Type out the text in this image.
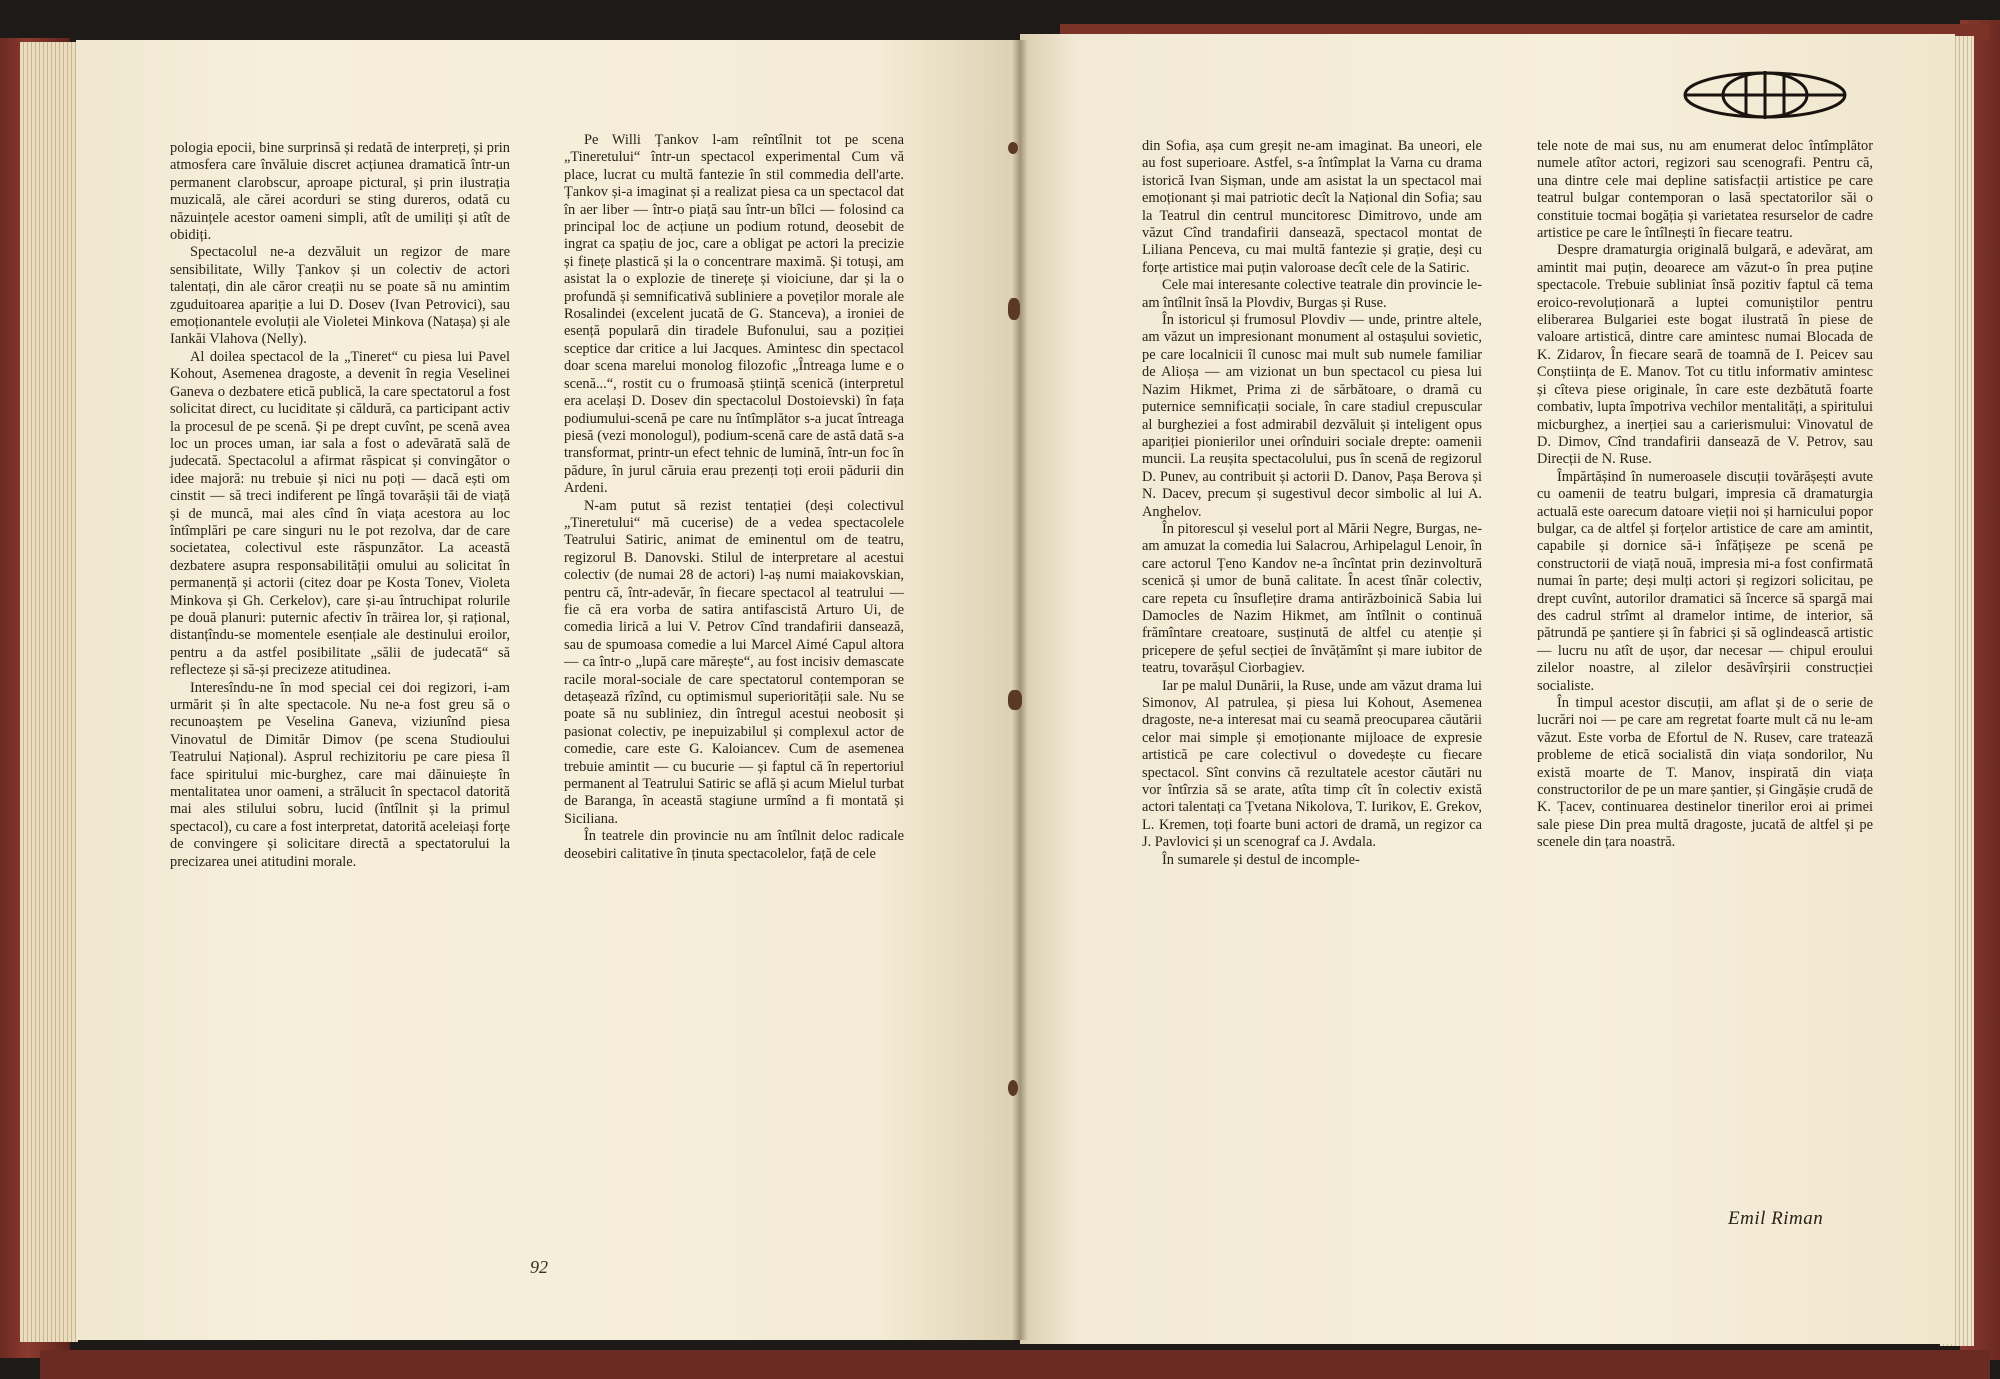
pologia epocii, bine surprinsă și redată de interpreți, și prin atmosfera care învăluie discret acțiunea dramatică într-un permanent clarobscur, aproape pictural, și prin ilustrația muzicală, ale cărei acorduri se sting dureros, odată cu năzuințele acestor oameni simpli, atît de umiliți și atît de obidiți.

Spectacolul ne-a dezvăluit un regizor de mare sensibilitate, Willy Țankov și un colectiv de actori talentați, din ale căror creații nu se poate să nu amintim zguduitoarea apariție a lui D. Dosev (Ivan Petrovici), sau emoționantele evoluții ale Violetei Minkova (Natașa) și ale Iankăi Vlahova (Nelly).

Al doilea spectacol de la „Tineret“ cu piesa lui Pavel Kohout, Asemenea dragoste, a devenit în regia Veselinei Ganeva o dezbatere etică publică, la care spectatorul a fost solicitat direct, cu luciditate și căldură, ca participant activ la procesul de pe scenă. Și pe drept cuvînt, pe scenă avea loc un proces uman, iar sala a fost o adevărată sală de judecată. Spectacolul a afirmat răspicat și convingător o idee majoră: nu trebuie și nici nu poți — dacă ești om cinstit — să treci indiferent pe lîngă tovarășii tăi de viață și de muncă, mai ales cînd în viața acestora au loc întîmplări pe care singuri nu le pot rezolva, dar de care societatea, colectivul este răspunzător. La această dezbatere asupra responsabilității omului au solicitat în permanență și actorii (citez doar pe Kosta Tonev, Violeta Minkova și Gh. Cerkelov), care și-au întruchipat rolurile pe două planuri: puternic afectiv în trăirea lor, și rațional, distanțîndu-se momentele esențiale ale destinului eroilor, pentru a da astfel posibilitate „sălii de judecată“ să reflecteze și să-și precizeze atitudinea.

Interesîndu-ne în mod special cei doi regizori, i-am urmărit și în alte spectacole. Nu ne-a fost greu să o recunoaștem pe Veselina Ganeva, viziunînd piesa Vinovatul de Dimităr Dimov (pe scena Studioului Teatrului Național). Asprul rechizitoriu pe care piesa îl face spiritului mic-burghez, care mai dăinuiește în mentalitatea unor oameni, a strălucit în spectacol datorită mai ales stilului sobru, lucid (întîlnit și la primul spectacol), cu care a fost interpretat, datorită aceleiași forțe de convingere și solicitare directă a spectatorului la precizarea unei atitudini morale.

Pe Willi Țankov l-am reîntîlnit tot pe scena „Tineretului“ într-un spectacol experimental Cum vă place, lucrat cu multă fantezie în stil commedia dell'arte. Țankov și-a imaginat și a realizat piesa ca un spectacol dat în aer liber — într-o piață sau într-un bîlci — folosind ca principal loc de acțiune un podium rotund, deosebit de ingrat ca spațiu de joc, care a obligat pe actori la precizie și finețe plastică și la o concentrare maximă. Și totuși, am asistat la o explozie de tinerețe și vioiciune, dar și la o profundă și semnificativă subliniere a poveților morale ale Rosalindei (excelent jucată de G. Stanceva), a ironiei de esență populară din tiradele Bufonului, sau a poziției sceptice dar critice a lui Jacques. Amintesc din spectacol doar scena marelui monolog filozofic „Întreaga lume e o scenă...“, rostit cu o frumoasă știință scenică (interpretul era același D. Dosev din spectacolul Dostoievski) în fața podiumului-scenă pe care nu întîmplător s-a jucat întreaga piesă (vezi monologul), podium-scenă care de astă dată s-a transformat, printr-un efect tehnic de lumină, într-un foc în pădure, în jurul căruia erau prezenți toți eroii pădurii din Ardeni.

N-am putut să rezist tentației (deși colectivul „Tineretului“ mă cucerise) de a vedea spectacolele Teatrului Satiric, animat de eminentul om de teatru, regizorul B. Danovski. Stilul de interpretare al acestui colectiv (de numai 28 de actori) l-aș numi maiakovskian, pentru că, într-adevăr, în fiecare spectacol al teatrului — fie că era vorba de satira antifascistă Arturo Ui, de comedia lirică a lui V. Petrov Cînd trandafirii dansează, sau de spumoasa comedie a lui Marcel Aimé Capul altora — ca într-o „lupă care mărește“, au fost incisiv demascate racile moral-sociale de care spectatorul contemporan se detașează rîzînd, cu optimismul superiorității sale. Nu se poate să nu subliniez, din întregul acestui neobosit și pasionat colectiv, pe inepuizabilul și complexul actor de comedie, care este G. Kaloiancev. Cum de asemenea trebuie amintit — cu bucurie — și faptul că în repertoriul permanent al Teatrului Satiric se află și acum Mielul turbat de Baranga, în această stagiune urmînd a fi montată și Siciliana.

În teatrele din provincie nu am întîlnit deloc radicale deosebiri calitative în ținuta spectacolelor, față de cele

din Sofia, așa cum greșit ne-am imaginat. Ba uneori, ele au fost superioare. Astfel, s-a întîmplat la Varna cu drama istorică Ivan Sișman, unde am asistat la un spectacol mai emoționant și mai patriotic decît la Național din Sofia; sau la Teatrul din centrul muncitoresc Dimitrovo, unde am văzut Cînd trandafirii dansează, spectacol montat de Liliana Penceva, cu mai multă fantezie și grație, deși cu forțe artistice mai puțin valoroase decît cele de la Satiric.

Cele mai interesante colective teatrale din provincie le-am întîlnit însă la Plovdiv, Burgas și Ruse.

În istoricul și frumosul Plovdiv — unde, printre altele, am văzut un impresionant monument al ostașului sovietic, pe care localnicii îl cunosc mai mult sub numele familiar de Alioșa — am vizionat un bun spectacol cu piesa lui Nazim Hikmet, Prima zi de sărbătoare, o dramă cu puternice semnificații sociale, în care stadiul crepuscular al burgheziei a fost admirabil dezvăluit și inteligent opus apariției pionierilor unei orînduiri sociale drepte: oamenii muncii. La reușita spectacolului, pus în scenă de regizorul D. Punev, au contribuit și actorii D. Danov, Pașa Berova și N. Dacev, precum și sugestivul decor simbolic al lui A. Anghelov.

În pitorescul și veselul port al Mării Negre, Burgas, ne-am amuzat la comedia lui Salacrou, Arhipelagul Lenoir, în care actorul Țeno Kandov ne-a încîntat prin dezinvoltură scenică și umor de bună calitate. În acest tînăr colectiv, care repeta cu însuflețire drama antirăzboinică Sabia lui Damocles de Nazim Hikmet, am întîlnit o continuă frămîntare creatoare, susținută de altfel cu atenție și pricepere de șeful secției de învățămînt și mare iubitor de teatru, tovarășul Ciorbagiev.

Iar pe malul Dunării, la Ruse, unde am văzut drama lui Simonov, Al patrulea, și piesa lui Kohout, Asemenea dragoste, ne-a interesat mai cu seamă preocuparea căutării celor mai simple și emoționante mijloace de expresie artistică pe care colectivul o dovedește cu fiecare spectacol. Sînt convins că rezultatele acestor căutări nu vor întîrzia să se arate, atîta timp cît în colectiv există actori talentați ca Țvetana Nikolova, T. Iurikov, E. Grekov, L. Kremen, toți foarte buni actori de dramă, un regizor ca J. Pavlovici și un scenograf ca J. Avdala.

În sumarele și destul de incomple-

tele note de mai sus, nu am enumerat deloc întîmplător numele atîtor actori, regizori sau scenografi. Pentru că, una dintre cele mai depline satisfacții artistice pe care teatrul bulgar contemporan o lasă spectatorilor săi o constituie tocmai bogăția și varietatea resurselor de cadre artistice pe care le întîlnești în fiecare teatru.

Despre dramaturgia originală bulgară, e adevărat, am amintit mai puțin, deoarece am văzut-o în prea puține spectacole. Trebuie subliniat însă pozitiv faptul că tema eroico-revoluționară a luptei comuniștilor pentru eliberarea Bulgariei este bogat ilustrată în piese de valoare artistică, dintre care amintesc numai Blocada de K. Zidarov, În fiecare seară de toamnă de I. Peicev sau Conștiința de E. Manov. Tot cu titlu informativ amintesc și cîteva piese originale, în care este dezbătută foarte combativ, lupta împotriva vechilor mentalități, a spiritului micburghez, a inerției sau a carierismului: Vinovatul de D. Dimov, Cînd trandafirii dansează de V. Petrov, sau Direcții de N. Ruse.

Împărtășind în numeroasele discuții tovărășești avute cu oamenii de teatru bulgari, impresia că dramaturgia actuală este oarecum datoare vieții noi și harnicului popor bulgar, ca de altfel și forțelor artistice de care am amintit, capabile și dornice să-i înfățișeze pe scenă pe constructorii de viață nouă, impresia mi-a fost confirmată numai în parte; deși mulți actori și regizori solicitau, pe drept cuvînt, autorilor dramatici să încerce să spargă mai des cadrul strîmt al dramelor intime, de interior, să pătrundă pe șantiere și în fabrici și să oglindească artistic — lucru nu atît de ușor, dar necesar — chipul eroului zilelor noastre, al zilelor desăvîrșirii construcției socialiste.

În timpul acestor discuții, am aflat și de o serie de lucrări noi — pe care am regretat foarte mult că nu le-am văzut. Este vorba de Efortul de N. Rusev, care tratează probleme de etică socialistă din viața sondorilor, Nu există moarte de T. Manov, inspirată din viața constructorilor de pe un mare șantier, și Gingășie crudă de K. Țacev, continuarea destinelor tinerilor eroi ai primei sale piese Din prea multă dragoste, jucată de altfel și pe scenele din țara noastră.

92
Emil Riman
